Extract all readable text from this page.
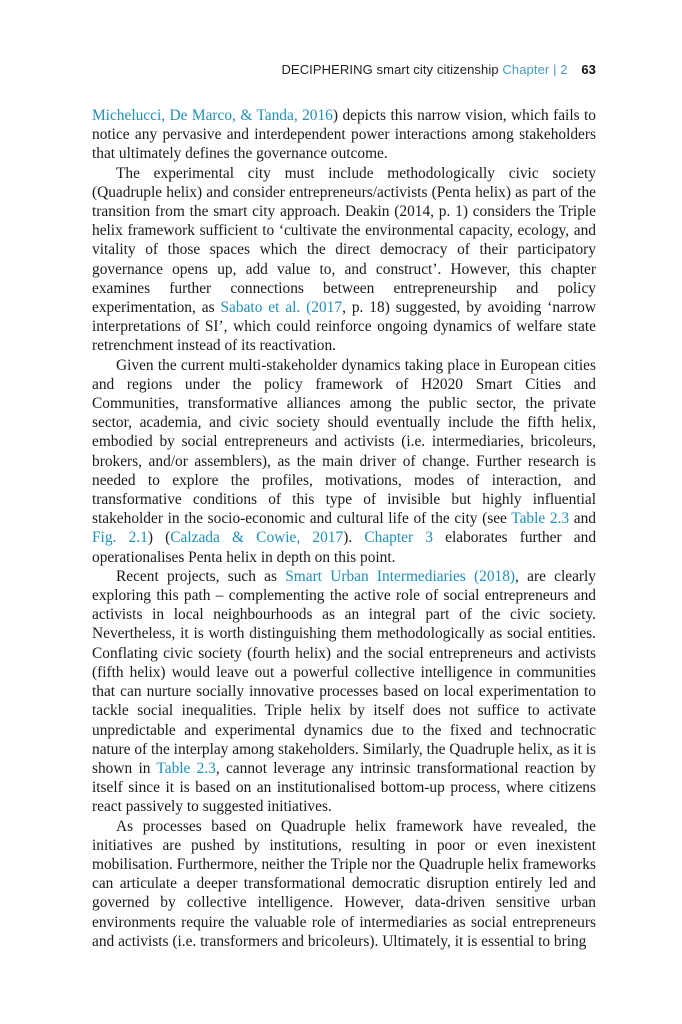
DECIPHERING smart city citizenship Chapter | 2 63

Michelucci, De Marco, & Tanda, 2016) depicts this narrow vision, which fails to notice any pervasive and interdependent power interactions among stakeholders that ultimately defines the governance outcome.

The experimental city must include methodologically civic society (Quadruple helix) and consider entrepreneurs/activists (Penta helix) as part of the transition from the smart city approach. Deakin (2014, p. 1) considers the Triple helix framework sufficient to ‘cultivate the environmental capacity, ecology, and vitality of those spaces which the direct democracy of their participatory governance opens up, add value to, and construct’. However, this chapter examines further connections between entrepreneurship and policy experimentation, as Sabato et al. (2017, p. 18) suggested, by avoiding ‘narrow interpretations of SI’, which could reinforce ongoing dynamics of welfare state retrenchment instead of its reactivation.

Given the current multi-stakeholder dynamics taking place in European cities and regions under the policy framework of H2020 Smart Cities and Communities, transformative alliances among the public sector, the private sector, academia, and civic society should eventually include the fifth helix, embodied by social entrepreneurs and activists (i.e. intermediaries, bricoleurs, brokers, and/or assemblers), as the main driver of change. Further research is needed to explore the profiles, motivations, modes of interaction, and transformative conditions of this type of invisible but highly influential stakeholder in the socio-economic and cultural life of the city (see Table 2.3 and Fig. 2.1) (Calzada & Cowie, 2017). Chapter 3 elaborates further and operationalises Penta helix in depth on this point.

Recent projects, such as Smart Urban Intermediaries (2018), are clearly exploring this path – complementing the active role of social entrepreneurs and activists in local neighbourhoods as an integral part of the civic society. Nevertheless, it is worth distinguishing them methodologically as social entities. Conflating civic society (fourth helix) and the social entrepreneurs and activists (fifth helix) would leave out a powerful collective intelligence in communities that can nurture socially innovative processes based on local experimentation to tackle social inequalities. Triple helix by itself does not suffice to activate unpredictable and experimental dynamics due to the fixed and technocratic nature of the interplay among stakeholders. Similarly, the Quadruple helix, as it is shown in Table 2.3, cannot leverage any intrinsic transformational reaction by itself since it is based on an institutionalised bottom-up process, where citizens react passively to suggested initiatives.

As processes based on Quadruple helix framework have revealed, the initiatives are pushed by institutions, resulting in poor or even inexistent mobilisation. Furthermore, neither the Triple nor the Quadruple helix frameworks can articulate a deeper transformational democratic disruption entirely led and governed by collective intelligence. However, data-driven sensitive urban environments require the valuable role of intermediaries as social entrepreneurs and activists (i.e. transformers and bricoleurs). Ultimately, it is essential to bring
